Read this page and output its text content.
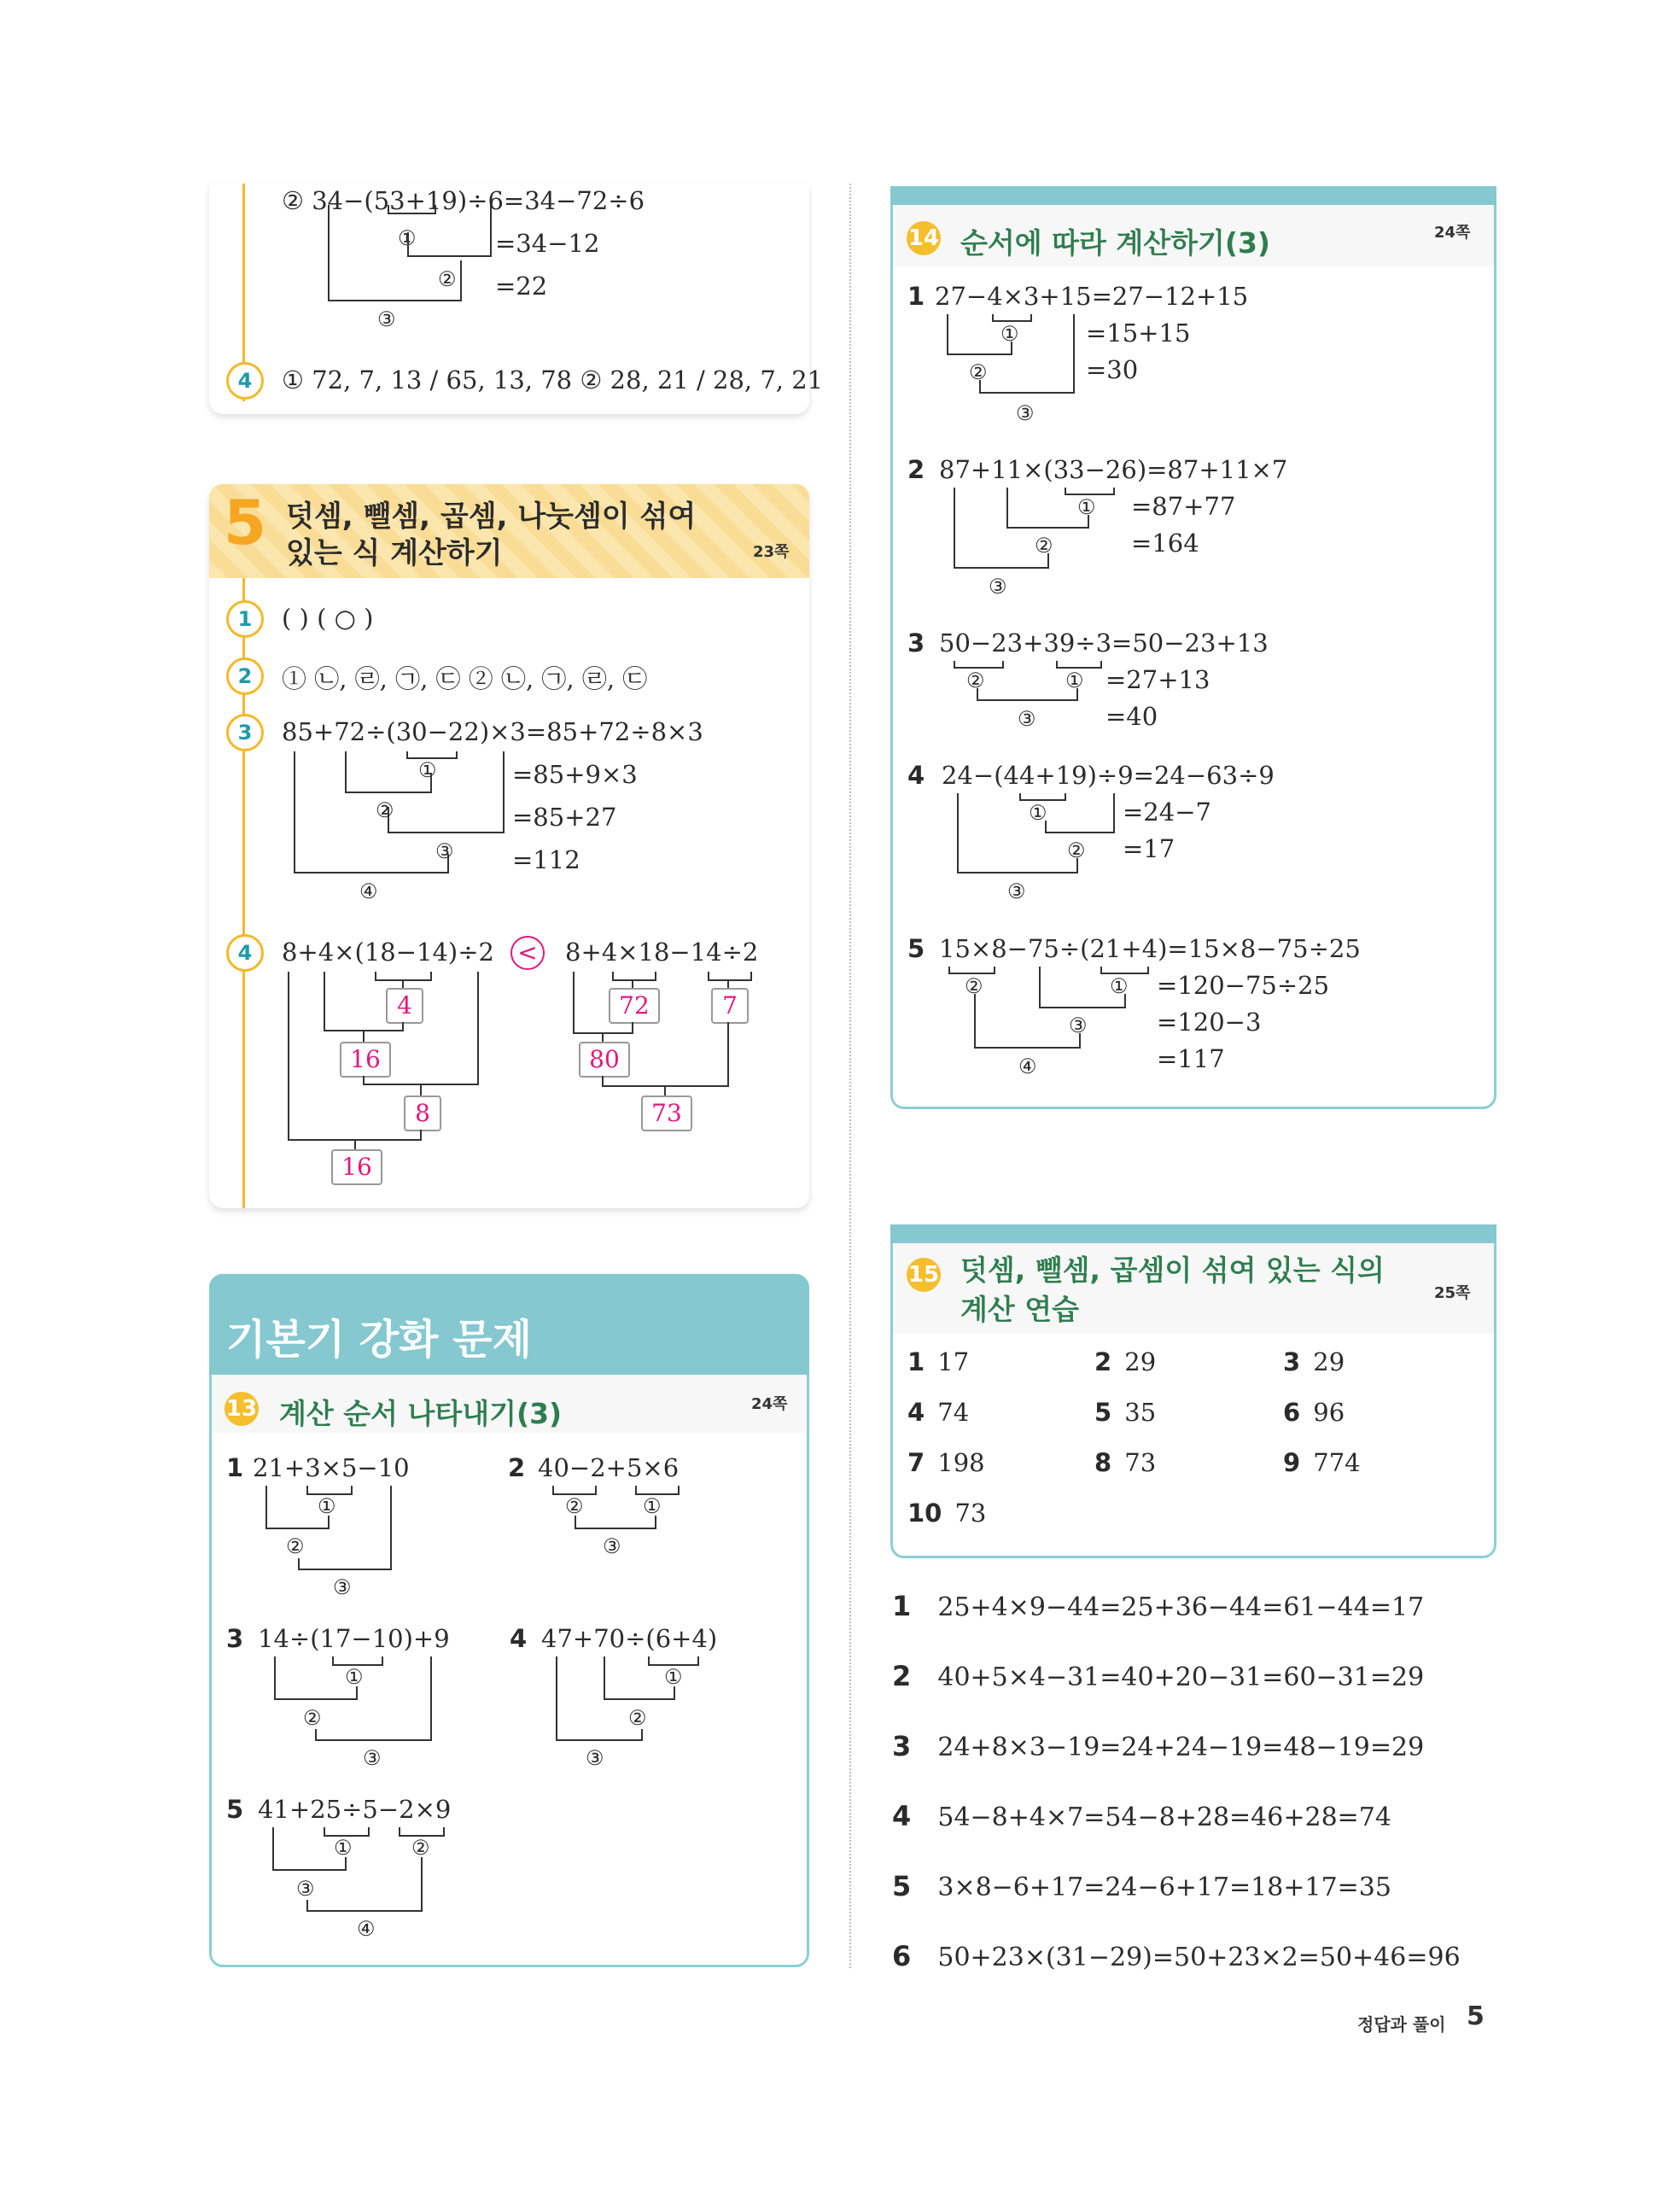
② 34−(53+19)÷6=34−72÷6
=34−12
=22
①
②
③
4	① 72, 7, 13 / 65, 13, 78 ② 28, 21 / 28, 7, 21
5 덧셈, 뺄셈, 곱셈, 나눗셈이 섞여
있는 식 계산하기	23쪽
1	( ) ( ○ )
2	① ㉡, ㉣, ㉠, ㉢ ② ㉡, ㉠, ㉣, ㉢
3	85+72÷(30−22)×3=85+72÷8×3
=85+9×3
=85+27
=112
①
②
③
④
4	8+4×(18−14)÷2 < 8+4×18−14÷2
4
16
8
16
72	7
80
73
기본기 강화 문제
13 계산 순서 나타내기(3)	24쪽
1 21+3×5−10
①
②
③
2 40−2+5×6
②	①
③
3 14÷(17−10)+9
①
②
③
4 47+70÷(6+4)
①
②
③
5 41+25÷5−2×9
①	②
③
④
14 순서에 따라 계산하기(3)	24쪽
1 27−4×3+15=27−12+15
=15+15
=30
①
②
③
2 87+11×(33−26)=87+11×7
=87+77
=164
①
②
③
3 50−23+39÷3=50−23+13
=27+13
=40
②	①
③
4 24−(44+19)÷9=24−63÷9
=24−7
=17
①
②
③
5 15×8−75÷(21+4)=15×8−75÷25
=120−75÷25
=120−3
=117
②	①
③
④
15 덧셈, 뺄셈, 곱셈이 섞여 있는 식의
계산 연습	25쪽
1 17	2 29	3 29
4 74	5 35	6 96
7 198	8 73	9 774
10 73
1 25+4×9−44=25+36−44=61−44=17
2 40+5×4−31=40+20−31=60−31=29
3 24+8×3−19=24+24−19=48−19=29
4 54−8+4×7=54−8+28=46+28=74
5 3×8−6+17=24−6+17=18+17=35
6 50+23×(31−29)=50+23×2=50+46=96
정답과 풀이 5
